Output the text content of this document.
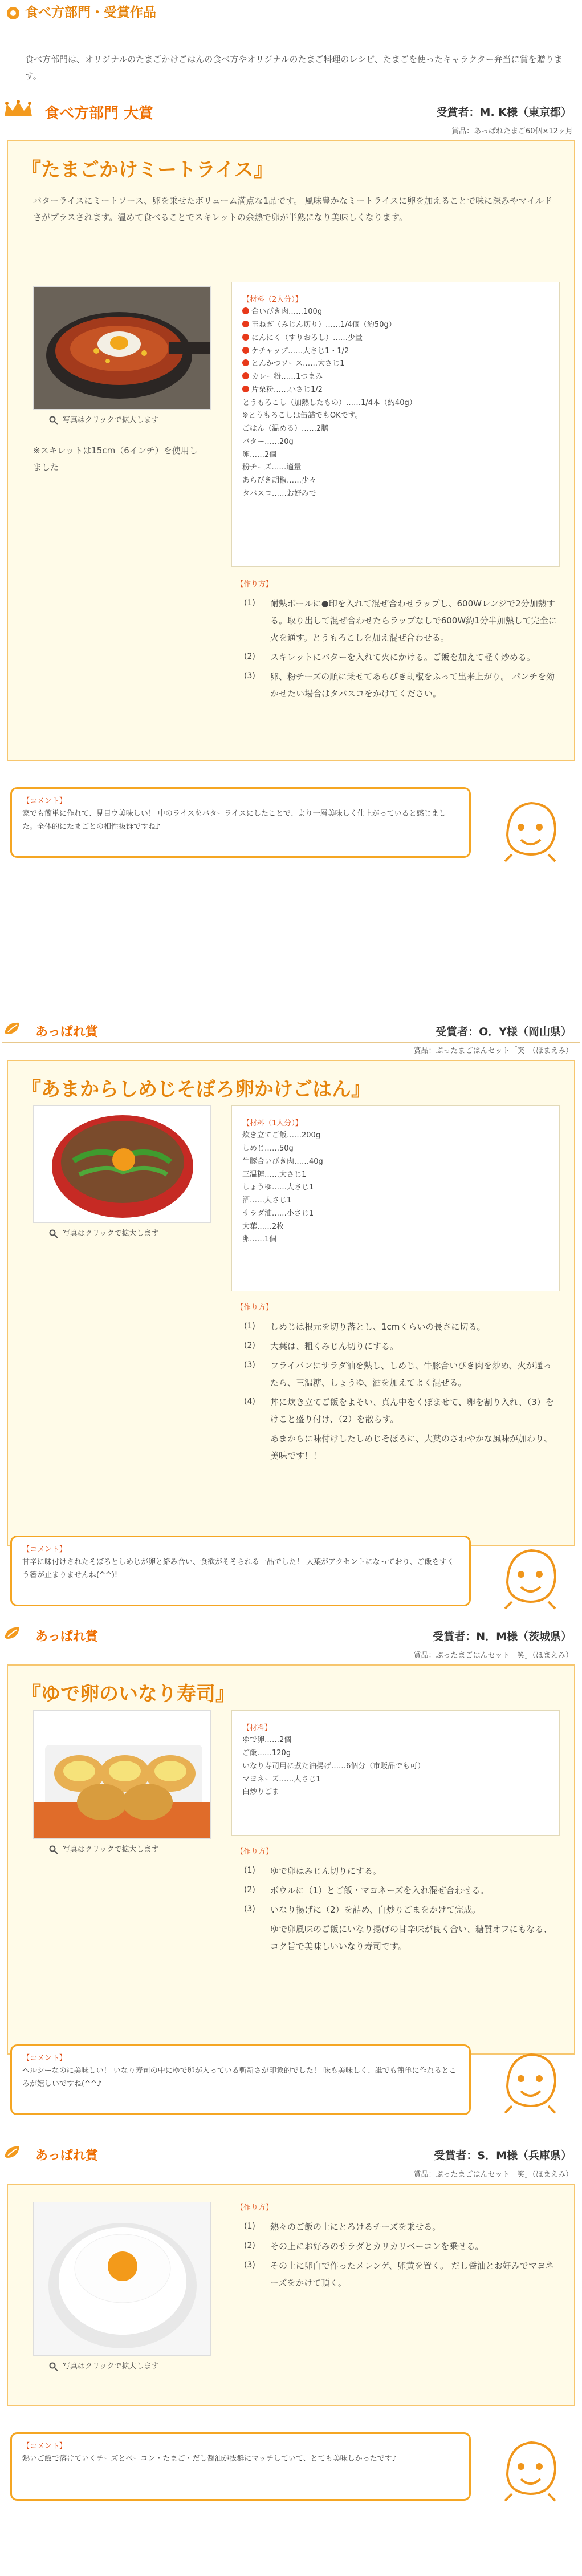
食べ方部門・受賞作品
食べ方部門は、オリジナルのたまごかけごはんの食べ方やオリジナルのたまご料理のレシピ、たまごを使ったキャラクター弁当に賞を贈ります。
食べ方部門 大賞	受賞者：M. K様（東京都）
賞品：あっぱれたまご60個×12ヶ月
『たまごかけミートライス』
バターライスにミートソース、卵を乗せたボリューム満点な1品です。 風味豊かなミートライスに卵を加えることで味に深みやマイルドさがプラスされます。温めて食べることでスキレットの余熱で卵が半熟になり美味しくなります。
写真はクリックで拡大します
※スキレットは15cm（6インチ）を使用しました
【材料（2人分）】
合いびき肉……100g
玉ねぎ（みじん切り）……1/4個（約50g）
にんにく（すりおろし）……少量
ケチャップ……大さじ1・1/2
とんかつソース……大さじ1
カレー粉……1つまみ
片栗粉……小さじ1/2
とうもろこし（加熱したもの）……1/4本（約40g）
※とうもろこしは缶詰でもOKです。
ごはん（温める）……2膳
バター……20g
卵……2個
粉チーズ……適量
あらびき胡椒……少々
タバスコ……お好みで
【作り方】
(1) 耐熱ボールに●印を入れて混ぜ合わせラップし、600Wレンジで2分加熱する。取り出して混ぜ合わせたらラップなしで600W約1分半加熱して完全に火を通す。とうもろこしを加え混ぜ合わせる。
(2) スキレットにバターを入れて火にかける。ご飯を加えて軽く炒める。
(3) 卵、粉チーズの順に乗せてあらびき胡椒をふって出来上がり。 パンチを効かせたい場合はタバスコをかけてください。
【コメント】
家でも簡単に作れて、見目ウ美味しい！ 中のライスをバターライスにしたことで、より一層美味しく仕上がっていると感じました。全体的にたまごとの相性抜群ですね♪
あっぱれ賞	受賞者：O．Y様（岡山県）
賞品：ぷったまごはんセット「笑」（ほまえみ）
『あまからしめじそぼろ卵かけごはん』
写真はクリックで拡大します
【材料（1人分）】
炊き立てご飯……200g
しめじ……50g
牛豚合いびき肉……40g
三温糖……大さじ1
しょうゆ……大さじ1
酒……大さじ1
サラダ油……小さじ1
大葉……2枚
卵……1個
【作り方】
(1) しめじは根元を切り落とし、1cmくらいの長さに切る。
(2) 大葉は、粗くみじん切りにする。
(3) フライパンにサラダ油を熱し、しめじ、牛豚合いびき肉を炒め、火が通ったら、三温糖、しょうゆ、酒を加えてよく混ぜる。
(4) 丼に炊き立てご飯をよそい、真ん中をくぼませて、卵を割り入れ、（3）をけこと盛り付け、（2）を散らす。
あまからに味付けしたしめじそぼろに、大葉のさわやかな風味が加わり、美味です！！
【コメント】
甘辛に味付けされたそぼろとしめじが卵と絡み合い、食欲がそそられる一品でした！ 大葉がアクセントになっており、ご飯をすくう箸が止まりませんね(^^)!
あっぱれ賞	受賞者：N．M様（茨城県）
賞品：ぷったまごはんセット「笑」（ほまえみ）
『ゆで卵のいなり寿司』
写真はクリックで拡大します
【材料】
ゆで卵……2個
ご飯……120g
いなり寿司用に煮た油揚げ……6個分（市販品でも可）
マヨネーズ……大さじ1
白炒りごま
【作り方】
(1) ゆで卵はみじん切りにする。
(2) ボウルに（1）とご飯・マヨネーズを入れ混ぜ合わせる。
(3) いなり揚げに（2）を詰め、白炒りごまをかけて完成。
ゆで卵風味のご飯にいなり揚げの甘辛味が良く合い、糖質オフにもなる、コク旨で美味しいいなり寿司です。
【コメント】
ヘルシーなのに美味しい！ いなり寿司の中にゆで卵が入っている斬新さが印象的でした！ 味も美味しく、誰でも簡単に作れるところが嬉しいですね(^^♪
あっぱれ賞	受賞者：S．M様（兵庫県）
賞品：ぷったまごはんセット「笑」（ほまえみ）
写真はクリックで拡大します
【作り方】
(1) 熱々のご飯の上にとろけるチーズを乗せる。
(2) その上にお好みのサラダとカリカリベーコンを乗せる。
(3) その上に卵白で作ったメレンゲ、卵黄を置く。 だし醤油とお好みでマヨネーズをかけて頂く。
【コメント】
熱いご飯で溶けていくチーズとベーコン・たまご・だし醤油が抜群にマッチしていて、とても美味しかったです♪
